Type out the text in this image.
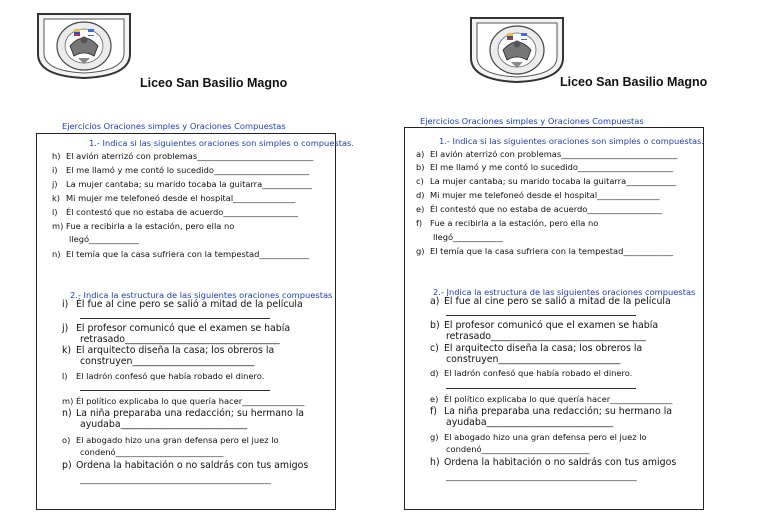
Liceo San Basilio Magno
Ejercicios Oraciones simples y Oraciones Compuestas
1.- Indica si las siguientes oraciones son simples o compuestas.
h) El avión aterrizó con problemas____________________________
i) El me llamó y me contó lo sucedido_______________________
j) La mujer cantaba; su marido tocaba la guitarra____________
k) Mi mujer me telefoneó desde el hospital_______________
l) Él contestó que no estaba de acuerdo__________________
m) Fue a recibirla a la estación, pero ella no
llegó____________
n) El temía que la casa sufriera con la tempestad____________
2.- Indica la estructura de las siguientes oraciones compuestas
i) Él fue al cine pero se salió a mitad de la película
j) El profesor comunicó que el examen se había
retrasado_________________________________
k) El arquitecto diseña la casa; los obreros la
construyen__________________________
l) El ladrón confesó que había robado el dinero.
m) Él político explicaba lo que quería hacer_______________
n) La niña preparaba una redacción; su hermano la
ayudaba___________________________
o) El abogado hizo una gran defensa pero el juez lo
condenó__________________________
p) Ordena la habitación o no saldrás con tus amigos
______________________________________________
Liceo San Basilio Magno
Ejercicios Oraciones simples y Oraciones Compuestas
1.- Indica si las siguientes oraciones son simples o compuestas.
a) El avión aterrizó con problemas____________________________
b) El me llamó y me contó lo sucedido_______________________
c) La mujer cantaba; su marido tocaba la guitarra____________
d) Mi mujer me telefoneó desde el hospital_______________
e) Él contestó que no estaba de acuerdo__________________
f) Fue a recibirla a la estación, pero ella no
llegó____________
g) El temía que la casa sufriera con la tempestad____________
2.- Indica la estructura de las siguientes oraciones compuestas
a) Él fue al cine pero se salió a mitad de la película
b) El profesor comunicó que el examen se había
retrasado_________________________________
c) El arquitecto diseña la casa; los obreros la
construyen__________________________
d) El ladrón confesó que había robado el dinero.
e) Él político explicaba lo que quería hacer_______________
f) La niña preparaba una redacción; su hermano la
ayudaba___________________________
g) El abogado hizo una gran defensa pero el juez lo
condenó__________________________
h) Ordena la habitación o no saldrás con tus amigos
______________________________________________
